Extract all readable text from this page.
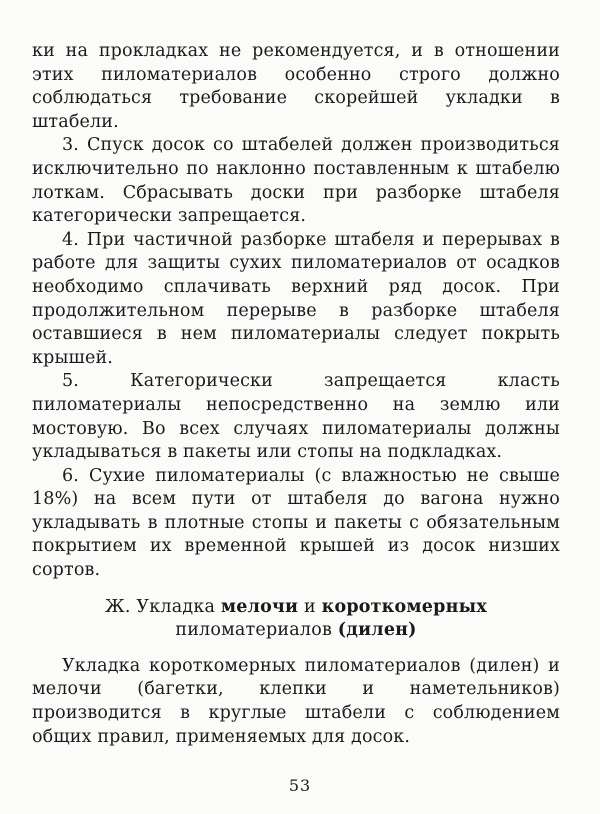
ки на прокладках не рекомендуется, и в отношении этих пиломатериалов особенно строго должно соблюдаться требование скорейшей укладки в штабели.

3. Спуск досок со штабелей должен производиться исключительно по наклонно поставленным к штабелю лоткам. Сбрасывать доски при разборке штабеля категорически запрещается.

4. При частичной разборке штабеля и перерывах в работе для защиты сухих пиломатериалов от осадков необходимо сплачивать верхний ряд досок. При продолжительном перерыве в разборке штабеля оставшиеся в нем пиломатериалы следует покрыть крышей.

5. Категорически запрещается класть пиломатериалы непосредственно на землю или мостовую. Во всех случаях пиломатериалы должны укладываться в пакеты или стопы на подкладках.

6. Сухие пиломатериалы (с влажностью не свыше 18%) на всем пути от штабеля до вагона нужно укладывать в плотные стопы и пакеты с обязательным покрытием их временной крышей из досок низших сортов.

Ж. Укладка мелочи и короткомерных пиломатериалов (дилен)

Укладка короткомерных пиломатериалов (дилен) и мелочи (багетки, клепки и наметельников) производится в круглые штабели с соблюдением общих правил, применяемых для досок.

53
